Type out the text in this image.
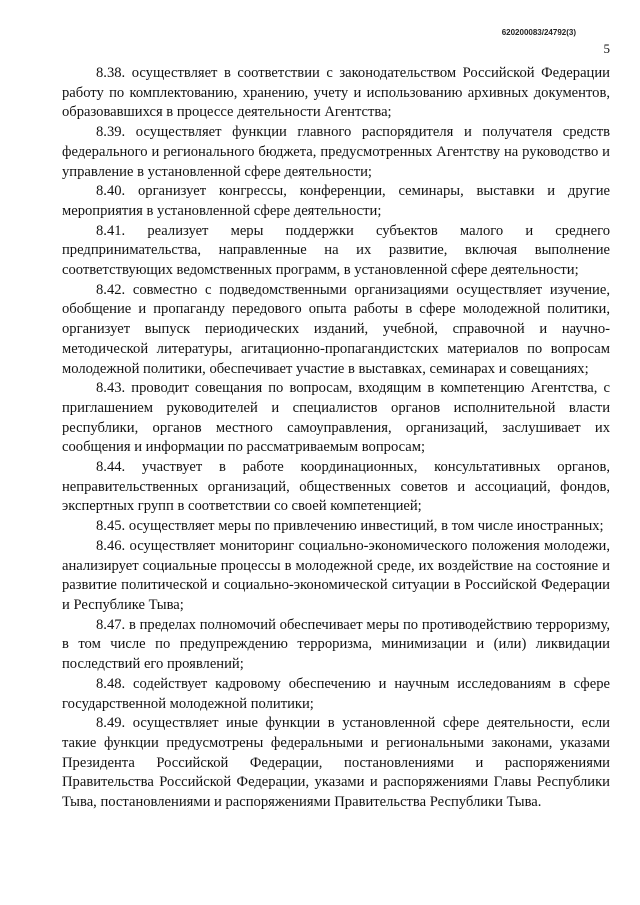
620200083/24792(3)
5

8.38. осуществляет в соответствии с законодательством Российской Федерации работу по комплектованию, хранению, учету и использованию архивных документов, образовавшихся в процессе деятельности Агентства;

8.39. осуществляет функции главного распорядителя и получателя средств федерального и регионального бюджета, предусмотренных Агентству на руководство и управление в установленной сфере деятельности;

8.40. организует конгрессы, конференции, семинары, выставки и другие мероприятия в установленной сфере деятельности;

8.41. реализует меры поддержки субъектов малого и среднего предпринимательства, направленные на их развитие, включая выполнение соответствующих ведомственных программ, в установленной сфере деятельности;

8.42. совместно с подведомственными организациями осуществляет изучение, обобщение и пропаганду передового опыта работы в сфере молодежной политики, организует выпуск периодических изданий, учебной, справочной и научно-методической литературы, агитационно-пропагандистских материалов по вопросам молодежной политики, обеспечивает участие в выставках, семинарах и совещаниях;

8.43. проводит совещания по вопросам, входящим в компетенцию Агентства, с приглашением руководителей и специалистов органов исполнительной власти республики, органов местного самоуправления, организаций, заслушивает их сообщения и информации по рассматриваемым вопросам;

8.44. участвует в работе координационных, консультативных органов, неправительственных организаций, общественных советов и ассоциаций, фондов, экспертных групп в соответствии со своей компетенцией;

8.45. осуществляет меры по привлечению инвестиций, в том числе иностранных;

8.46. осуществляет мониторинг социально-экономического положения молодежи, анализирует социальные процессы в молодежной среде, их воздействие на состояние и развитие политической и социально-экономической ситуации в Российской Федерации и Республике Тыва;

8.47. в пределах полномочий обеспечивает меры по противодействию терроризму, в том числе по предупреждению терроризма, минимизации и (или) ликвидации последствий его проявлений;

8.48. содействует кадровому обеспечению и научным исследованиям в сфере государственной молодежной политики;

8.49. осуществляет иные функции в установленной сфере деятельности, если такие функции предусмотрены федеральными и региональными законами, указами Президента Российской Федерации, постановлениями и распоряжениями Правительства Российской Федерации, указами и распоряжениями Главы Республики Тыва, постановлениями и распоряжениями Правительства Республики Тыва.
